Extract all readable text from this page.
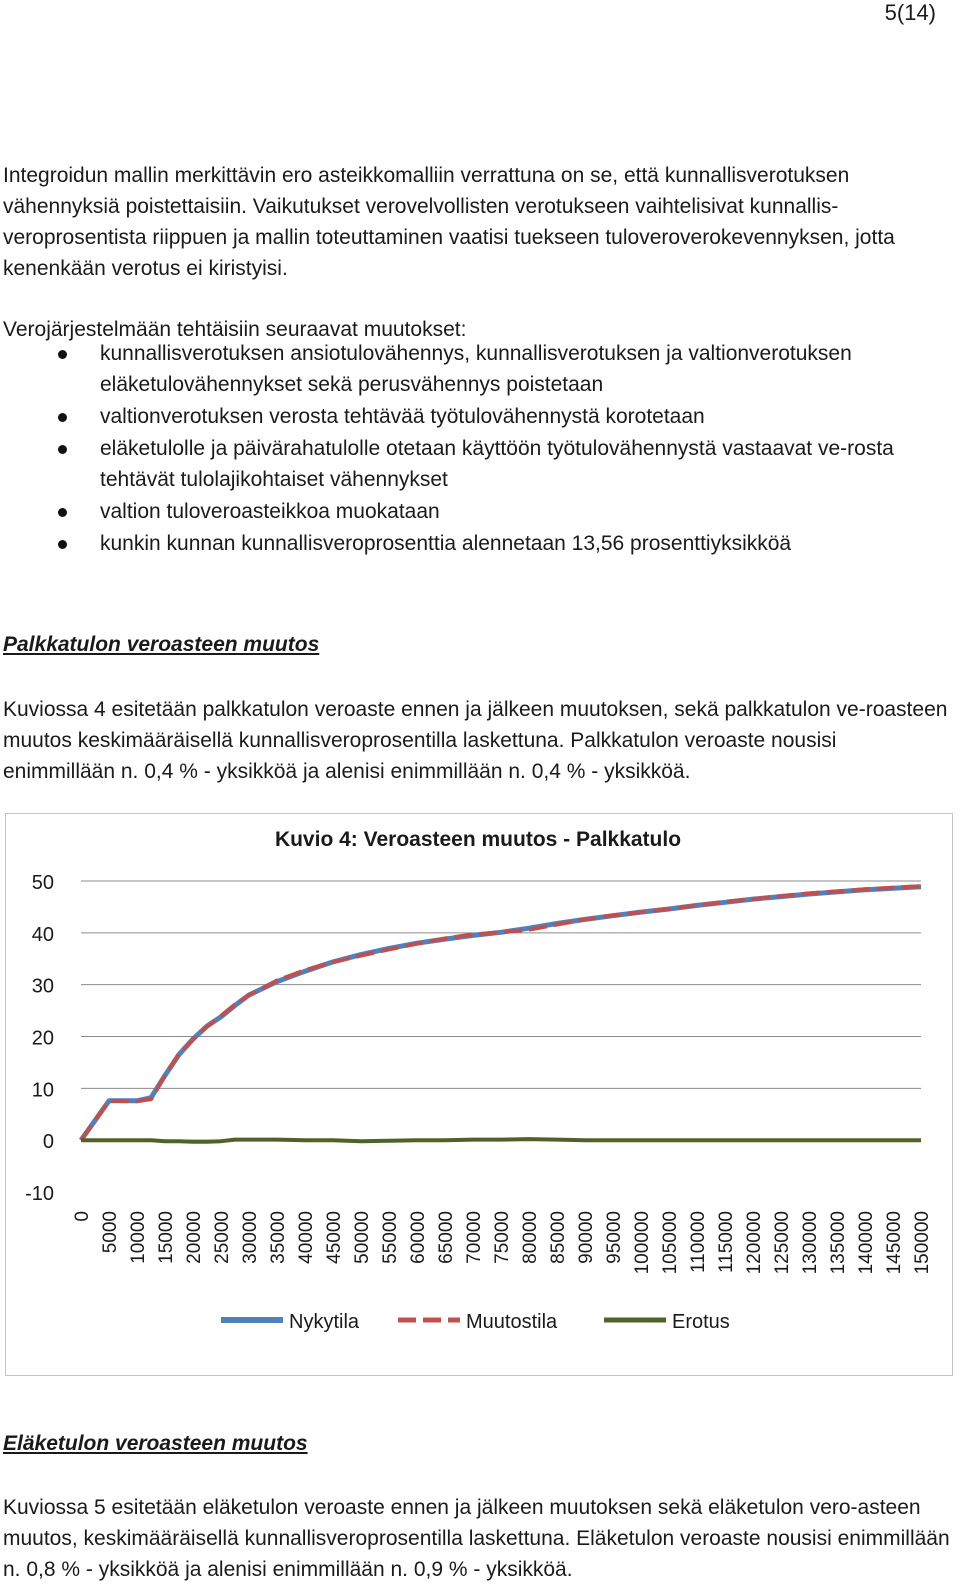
5(14)

Integroidun mallin merkittävin ero asteikkomalliin verrattuna on se, että kunnallisverotuksen vähennyksiä poistettaisiin. Vaikutukset verovelvollisten verotukseen vaihtelisivat kunnallis-veroprosentista riippuen ja mallin toteuttaminen vaatisi tuekseen tuloveroverokevennyksen, jotta kenenkään verotus ei kiristyisi.

Verojärjestelmään tehtäisiin seuraavat muutokset:

kunnallisverotuksen ansiotulovähennys, kunnallisverotuksen ja valtionverotuksen eläketulovähennykset sekä perusvähennys poistetaan
valtionverotuksen verosta tehtävää työtulovähennystä korotetaan
eläketulolle ja päivärahatulolle otetaan käyttöön työtulovähennystä vastaavat ve-rosta tehtävät tulolajikohtaiset vähennykset
valtion tuloveroasteikkoa muokataan
kunkin kunnan kunnallisveroprosenttia alennetaan 13,56 prosenttiyksikköä

Palkkatulon veroasteen muutos

Kuviossa 4 esitetään palkkatulon veroaste ennen ja jälkeen muutoksen, sekä palkkatulon ve-roasteen muutos keskimääräisellä kunnallisveroprosentilla laskettuna. Palkkatulon veroaste nousisi enimmillään n. 0,4 % - yksikköä ja alenisi enimmillään n. 0,4 % - yksikköä.

Kuvio 4: Veroasteen muutos - Palkkatulo
-10
0
10
20
30
40
50
0 5000 10000 15000 20000 25000 30000 35000 40000 45000 50000 55000 60000 65000 70000 75000 80000 85000 90000 95000 100000 105000 110000 115000 120000 125000 130000 135000 140000 145000 150000
Nykytila	Muutostila	Erotus

Eläketulon veroasteen muutos

Kuviossa 5 esitetään eläketulon veroaste ennen ja jälkeen muutoksen sekä eläketulon vero-asteen muutos, keskimääräisellä kunnallisveroprosentilla laskettuna. Eläketulon veroaste nousisi enimmillään n. 0,8 % - yksikköä ja alenisi enimmillään n. 0,9 % - yksikköä.
